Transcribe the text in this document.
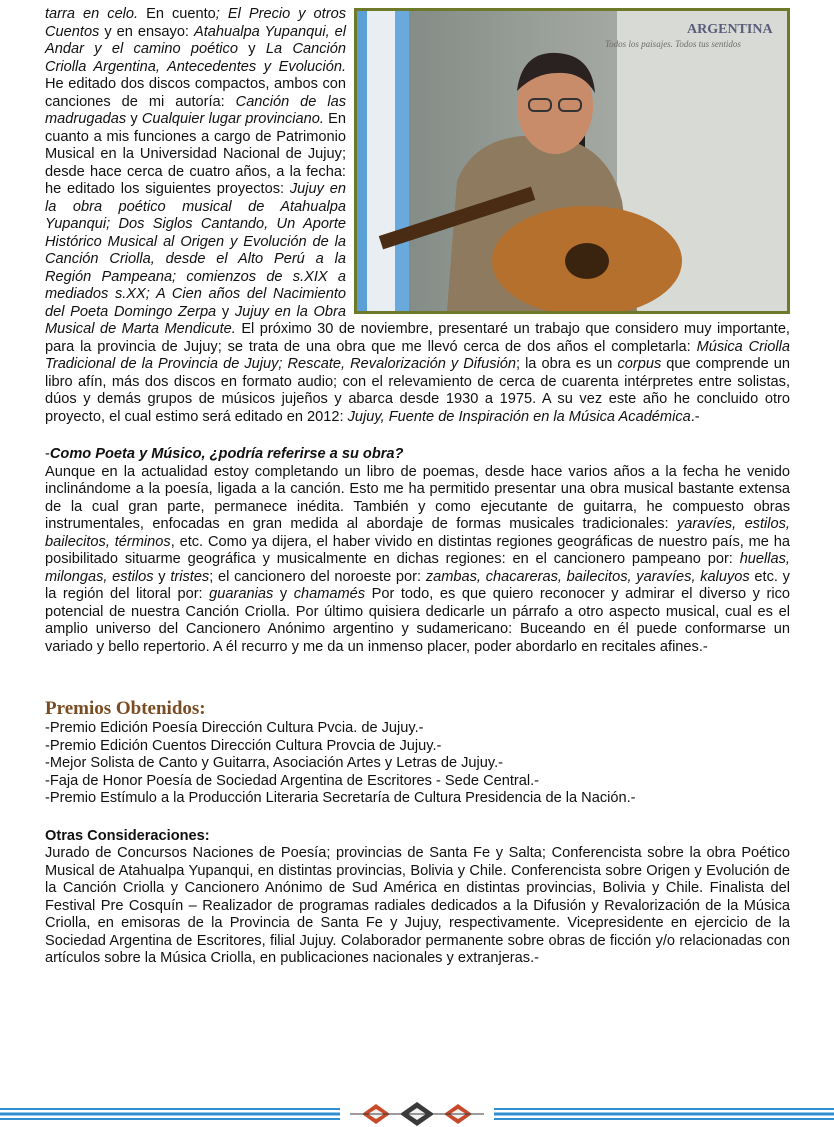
ARGENTINA
Todos los paisajes. Todos tus sentidos

tarra en celo. En cuento; El Precio y otros Cuentos y en ensayo: Atahualpa Yupanqui, el Andar y el camino poético y La Canción Criolla Argentina, Antecedentes y Evolución. He editado dos discos compactos, ambos con canciones de mi autoría: Canción de las madrugadas y Cualquier lugar provinciano. En cuanto a mis funciones a cargo de Patrimonio Musical en la Universidad Nacional de Jujuy; desde hace cerca de cuatro años, a la fecha: he editado los siguientes proyectos: Jujuy en la obra poético musical de Atahualpa Yupanqui; Dos Siglos Cantando, Un Aporte Histórico Musical al Origen y Evolución de la Canción Criolla, desde el Alto Perú a la Región Pampeana; comienzos de s.XIX a mediados s.XX; A Cien años del Nacimiento del Poeta Domingo Zerpa y Jujuy en la Obra Musical de Marta Mendicute. El próximo 30 de noviembre, presentaré un trabajo que considero muy importante, para la provincia de Jujuy; se trata de una obra que me llevó cerca de dos años el completarla: Música Criolla Tradicional de la Provincia de Jujuy; Rescate, Revalorización y Difusión; la obra es un corpus que comprende un libro afín, más dos discos en formato audio; con el relevamiento de cerca de cuarenta intérpretes entre solistas, dúos y demás grupos de músicos jujeños y abarca desde 1930 a 1975. A su vez este año he concluido otro proyecto, el cual estimo será editado en 2012: Jujuy, Fuente de Inspiración en la Música Académica.-

-Como Poeta y Músico, ¿podría referirse a su obra?

Aunque en la actualidad estoy completando un libro de poemas, desde hace varios años a la fecha he venido inclinándome a la poesía, ligada a la canción. Esto me ha permitido presentar una obra musical bastante extensa de la cual gran parte, permanece inédita. También y como ejecutante de guitarra, he compuesto obras instrumentales, enfocadas en gran medida al abordaje de formas musicales tradicionales: yaravíes, estilos, bailecitos, términos, etc. Como ya dijera, el haber vivido en distintas regiones geográficas de nuestro país, me ha posibilitado situarme geográfica y musicalmente en dichas regiones: en el cancionero pampeano por: huellas, milongas, estilos y tristes; el cancionero del noroeste por: zambas, chacareras, bailecitos, yaravíes, kaluyos etc. y la región del litoral por: guaranias y chamamés Por todo, es que quiero reconocer y admirar el diverso y rico potencial de nuestra Canción Criolla. Por último quisiera dedicarle un párrafo a otro aspecto musical, cual es el amplio universo del Cancionero Anónimo argentino y sudamericano: Buceando en él puede conformarse un variado y bello repertorio. A él recurro y me da un inmenso placer, poder abordarlo en recitales afines.-

Premios Obtenidos:
-Premio Edición Poesía Dirección Cultura Pvcia. de Jujuy.-
-Premio Edición Cuentos Dirección Cultura Provcia de Jujuy.-
-Mejor Solista de Canto y Guitarra, Asociación Artes y Letras de Jujuy.-
-Faja de Honor Poesía de Sociedad Argentina de Escritores - Sede Central.-
-Premio Estímulo a la Producción Literaria Secretaría de Cultura Presidencia de la Nación.-
Otras Consideraciones:

Jurado de Concursos Naciones de Poesía; provincias de Santa Fe y Salta; Conferencista sobre la obra Poético Musical de Atahualpa Yupanqui, en distintas provincias, Bolivia y Chile. Conferencista sobre Origen y Evolución de la Canción Criolla y Cancionero Anónimo de Sud América en distintas provincias, Bolivia y Chile. Finalista del Festival Pre Cosquín – Realizador de programas radiales dedicados a la Difusión y Revalorización de la Música Criolla, en emisoras de la Provincia de Santa Fe y Jujuy, respectivamente. Vicepresidente en ejercicio de la Sociedad Argentina de Escritores, filial Jujuy. Colaborador permanente sobre obras de ficción y/o relacionadas con artículos sobre la Música Criolla, en publicaciones nacionales y extranjeras.-
